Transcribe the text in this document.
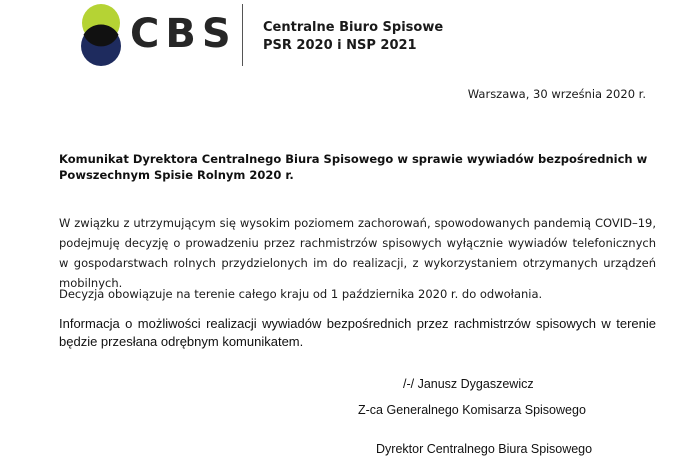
CBS Centralne Biuro Spisowe
PSR 2020 i NSP 2021
Warszawa, 30 września 2020 r.
Komunikat Dyrektora Centralnego Biura Spisowego w sprawie wywiadów bezpośrednich w Powszechnym Spisie Rolnym 2020 r.
W związku z utrzymującym się wysokim poziomem zachorowań, spowodowanych pandemią COVID–19, podejmuję decyzję o prowadzeniu przez rachmistrzów spisowych wyłącznie wywiadów telefonicznych w gospodarstwach rolnych przydzielonych im do realizacji, z wykorzystaniem otrzymanych urządzeń mobilnych.
Decyzja obowiązuje na terenie całego kraju od 1 października 2020 r. do odwołania.
Informacja o możliwości realizacji wywiadów bezpośrednich przez rachmistrzów spisowych w terenie będzie przesłana odrębnym komunikatem.
/-/ Janusz Dygaszewicz
Z-ca Generalnego Komisarza Spisowego
Dyrektor Centralnego Biura Spisowego
